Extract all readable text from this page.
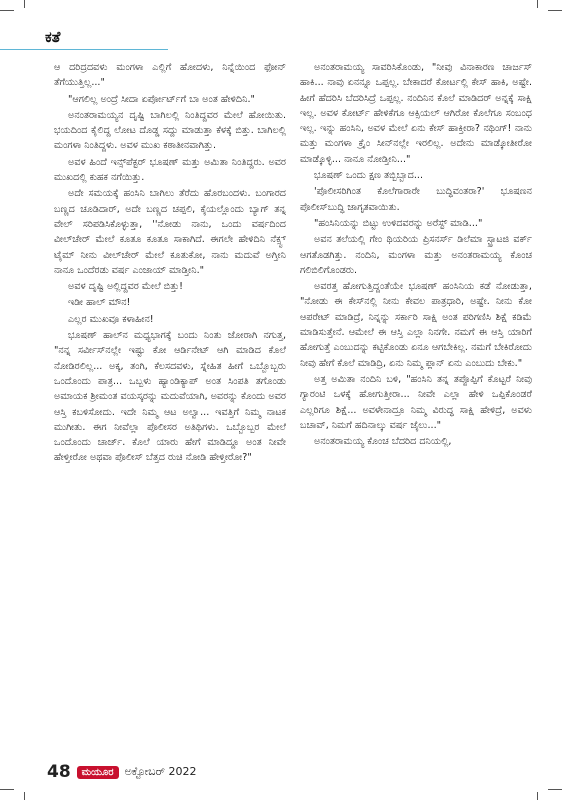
ಕತೆ

ಆ ದರಿದ್ರದವಳು ಮಂಗಳಾ ಎಲ್ಲಿಗೆ ಹೋದಳು, ನಿನ್ನೆಯಿಂದ ಫೋನ್ ತೆಗೆಯುತ್ತಿಲ್ಲ..."

"ಆಗಲಿಲ್ಲ ಅಂದ್ರೆ ಸೀದಾ ಏರ್ಪೋರ್ಟ್‌ಗೆ ಬಾ ಅಂತ ಹೇಳಿದಿನಿ."

ಅನಂತರಾಮಯ್ಯನ ದೃಷ್ಟಿ ಬಾಗಿಲಲ್ಲಿ ನಿಂತಿದ್ದವರ ಮೇಲೆ ಹೋಯಿತು. ಭಯದಿಂದ ಕೈಲಿದ್ದ ಲೋಟ ದೊಡ್ಡ ಸದ್ದು ಮಾಡುತ್ತಾ ಕೆಳಕ್ಕೆ ಬಿತ್ತು. ಬಾಗಿಲಲ್ಲಿ ಮಂಗಳಾ ನಿಂತಿದ್ದಳು. ಅವಳ ಮುಖ ಕಠಾತೀನವಾಗಿತ್ತು.

ಅವಳ ಹಿಂದೆ ಇನ್ಸ್‌ಪೆಕ್ಟರ್ ಭೂಷಣ್ ಮತ್ತು ಅಮಿತಾ ನಿಂತಿದ್ದರು. ಅವರ ಮುಖದಲ್ಲಿ ಕುಹಕ ನಗೆಯಿತ್ತು.

ಅದೇ ಸಮಯಕ್ಕೆ ಹಂಸಿನಿ ಬಾಗಿಲು ತೆರೆದು ಹೊರಬಂದಳು. ಬಂಗಾರದ ಬಣ್ಣದ ಚೂಡಿದಾರ್, ಅದೇ ಬಣ್ಣದ ಚಪ್ಪಲಿ, ಕೈಯಲ್ಲೊಂದು ಬ್ಯಾಗ್ ತನ್ನ ವೇಲ್ ಸರಿಪಡಿಸಿಕೊಳ್ಳುತ್ತಾ, ''ನೋಡು ನಾನು, ಒಂದು ವರ್ಷದಿಂದ ವೀಲ್‌ಚೇರ್ ಮೇಲೆ ಕೂತೂ ಕೂತೂ ಸಾಕಾಗಿದೆ. ಈಗಲೇ ಹೇಳಿದಿನಿ ನೆಕ್ಸ್ಟ್ ಟೈಮ್ ನೀನು ವೀಲ್‌ಚೇರ್ ಮೇಲೆ ಕೂತುಕೋ, ನಾನು ಮದುವೆ ಅಗ್ತೀನಿ ನಾನೂ ಒಂದೆರಡು ವರ್ಷ ಎಂಜಾಯ್ ಮಾಡ್ತೀನಿ."

ಅವಳ ದೃಷ್ಟಿ ಅಲ್ಲಿದ್ದವರ ಮೇಲೆ ಬಿತ್ತು!

ಇಡೀ ಹಾಲ್ ಮೌನ!

ಎಲ್ಲರ ಮುಖವೂ ಕಳಾಹೀನ!

ಭೂಷಣ್ ಹಾಲ್‌ನ ಮಧ್ಯಭಾಗಕ್ಕೆ ಬಂದು ನಿಂತು ಜೋರಾಗಿ ನಗುತ್ತ, "ನನ್ನ ಸರ್ವೀಸ್‌ನಲ್ಲೇ ಇಷ್ಟು ಕೋ ಆರ್ಡಿನೇಟ್ ಆಗಿ ಮಾಡಿದ ಕೊಲೆ ನೋಡಿರಲಿಲ್ಲ... ಅಕ್ಕ, ತಂಗಿ, ಕೆಲಸದವಳು, ಸ್ನೇಹಿತ ಹೀಗೆ ಒಬ್ಬೊಬ್ಬರು ಒಂದೊಂದು ಪಾತ್ರ... ಒಬ್ಬಳು ಹ್ಯಾಂಡಿಕ್ಯಾಪ್ ಅಂತ ಸಿಂಪತಿ ತಗೊಂಡು ಅಮಾಯಕ ಶ್ರೀಮಂತ ವಯಸ್ಕರನ್ನು ಮದುವೆಯಾಗಿ, ಅವರನ್ನು ಕೊಂದು ಅವರ ಆಸ್ತಿ ಕಬಳಿಸೋದು. ಇದೇ ನಿಮ್ಮ ಆಟ ಅಲ್ವಾ... ಇವತ್ತಿಗೆ ನಿಮ್ಮ ನಾಟಕ ಮುಗೀತು. ಈಗ ನೀವೆಲ್ಲಾ ಪೊಲೀಸರ ಅತಿಥಿಗಳು. ಒಬ್ಬೊಬ್ಬರ ಮೇಲೆ ಒಂದೊಂದು ಚಾರ್ಜ್. ಕೊಲೆ ಯಾರು ಹೇಗೆ ಮಾಡಿದ್ದೂ ಅಂತ ನೀವೇ ಹೇಳ್ತೀರೋ ಅಥವಾ ಪೊಲೀಸ್ ಬೆತ್ತದ ರುಚಿ ನೋಡಿ ಹೇಳ್ತೀರೋ?"

ಅನಂತರಾಮಯ್ಯ ಸಾವರಿಸಿಕೊಂಡು, "ನೀವು ವಿನಾಕಾರಣ ಚಾರ್ಜಸ್ ಹಾಕಿ... ನಾವು ಏನನ್ನೂ ಒಪ್ಪಲ್ಲ. ಬೇಕಾದರೆ ಕೋರ್ಟಲ್ಲಿ ಕೇಸ್ ಹಾಕಿ, ಅಷ್ಟೇ. ಹೀಗೆ ಹೆದರಿಸಿ ಬೆದರಿಸಿದ್ರೆ ಒಪ್ಪಲ್ಲ. ನಂದಿನಿನ ಕೊಲೆ ಮಾಡಿದರ್‌ ಅನ್ನಕ್ಕೆ ಸಾಕ್ಷಿ ಇಲ್ಲ. ಅವಳ ಕೋರ್ಟ್ ಹೇಳಿಕೆಗೂ ಆಕ್ಸಿಯಲ್ ಆಗಿರೋ ಕೊಲೆಗೂ ಸಂಬಂಧ ಇಲ್ಲ. ಇನ್ನು ಹಂಸಿನಿ, ಅವಳ ಮೇಲೆ ಏನು ಕೇಸ್ ಹಾಕ್ತೀರಾ? ನಥಿಂಗ್! ನಾನು ಮತ್ತು ಮಂಗಳಾ ಕ್ರೈಂ ಸೀನ್‌ನಲ್ಲೇ ಇರಲಿಲ್ಲ. ಅದೇನು ಮಾಡ್ಕೋತೀರೋ ಮಾಡ್ಕೊಳ್ಳಿ... ನಾನೂ ನೋಡ್ತೀನಿ..."

ಭೂಷಣ್ ಒಂದು ಕ್ಷಣ ತಬ್ಬಿಬ್ಬಾದ...

'ಪೊಲೀಸರಿಗಿಂತ ಕೊಲೆಗಾರಾರೇ ಬುದ್ಧಿವಂತರಾ?' ಭೂಷಣನ ಪೊಲೀಸ್‌ಬುದ್ಧಿ ಜಾಗೃತವಾಯಿತು.

"ಹಂಸಿನಿಯನ್ನು ಬಿಟ್ಟು ಉಳಿದವರನ್ನು ಅರೆಸ್ಟ್ ಮಾಡಿ..."

ಅವನ ತಲೆಯಲ್ಲಿ ಗೇಂ ಥಿಯರಿಯ ಪ್ರಿಸನರ್ಸ್ ಡಿಲೆಮಾ ಸ್ಟ್ರಾಟಜಿ ವರ್ಕ್ ಆಗತೊಡಗಿತ್ತು. ನಂದಿನಿ, ಮಂಗಳಾ ಮತ್ತು ಅನಂತರಾಮಯ್ಯ ಕೊಂಚ ಗಲಿಬಿಲಿಗೊಂಡರು.

ಅವರತ್ತ ಹೋಗುತ್ತಿದ್ದಂತೆಯೇ ಭೂಷಣ್ ಹಂಸಿನಿಯ ಕಡೆ ನೋಡುತ್ತಾ, "ನೋಡು ಈ ಕೇಸ್‌ನಲ್ಲಿ ನೀನು ಕೇವಲ ಪಾತ್ರಧಾರಿ, ಅಷ್ಟೇ. ನೀನು ಕೋ ಆಪರೇಟ್ ಮಾಡಿದ್ರೆ, ನಿನ್ನನ್ನು ಸರ್ಕಾರಿ ಸಾಕ್ಷಿ ಅಂತ ಪರಿಗಣಿಸಿ ಶಿಕ್ಷೆ ಕಡಿಮೆ ಮಾಡಿಸುತ್ತೇನೆ. ಆಮೇಲೆ ಈ ಆಸ್ತಿ ಎಲ್ಲಾ ನಿನಗೇ. ನಮಗೆ ಈ ಆಸ್ತಿ ಯಾರಿಗೆ ಹೋಗುತ್ತೆ ಎಂಬುದನ್ನು ಕಟ್ಟಿಕೊಂಡು ಏನೂ ಆಗಬೇಕಿಲ್ಲ. ನಮಗೆ ಬೇಕಿರೋದು ನೀವು ಹೇಗೆ ಕೊಲೆ ಮಾಡಿದ್ರಿ, ಏನು ನಿಮ್ಮ ಪ್ಲಾನ್ ಏನು ಎಂಬುದು ಬೇಕು."

ಅತ್ತ ಅಮಿತಾ ನಂದಿನಿ ಬಳಿ, "ಹಂಸಿನಿ ತನ್ನ ತಪ್ಪೊಪ್ಪಿಗೆ ಕೊಟ್ಟರೆ ನೀವು ಗ್ಯಾರಂಟಿ ಒಳಕ್ಕೆ ಹೋಗುತ್ತೀರಾ... ನೀವೇ ಎಲ್ಲಾ ಹೇಳಿ ಒಪ್ಪಿಕೊಂಡರೆ ಎಲ್ಲರಿಗೂ ಶಿಕ್ಷೆ... ಅವಳೇನಾದ್ರೂ ನಿಮ್ಮ ವಿರುದ್ಧ ಸಾಕ್ಷಿ ಹೇಳಿದ್ರೆ, ಅವಳು ಬಚಾವ್, ನಿಮಗೆ ಹದಿನಾಲ್ಕು ವರ್ಷ ಜೈಲು..."

ಅನಂತರಾಮಯ್ಯ ಕೊಂಚ ಬೆದರಿದ ದನಿಯಲ್ಲಿ,

48	ಮಯೂರ	ಅಕ್ಟೋಬರ್ 2022
